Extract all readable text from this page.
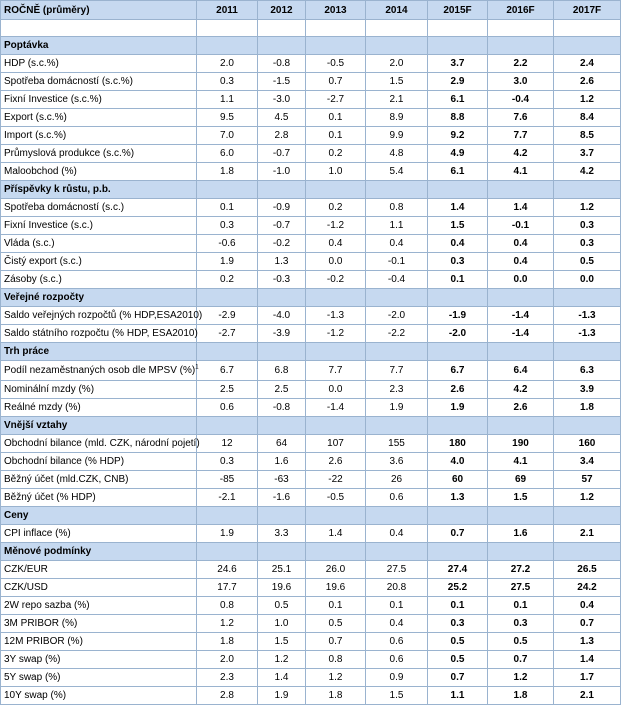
ROČNĚ (průměry)	2011	2012	2013	2014	2015F	2016F	2017F

Poptávka							
HDP (s.c.%)	2.0	-0.8	-0.5	2.0	3.7	2.2	2.4
Spotřeba domácností (s.c.%)	0.3	-1.5	0.7	1.5	2.9	3.0	2.6
Fixní Investice (s.c.%)	1.1	-3.0	-2.7	2.1	6.1	-0.4	1.2
Export (s.c.%)	9.5	4.5	0.1	8.9	8.8	7.6	8.4
Import (s.c.%)	7.0	2.8	0.1	9.9	9.2	7.7	8.5
Průmyslová produkce (s.c.%)	6.0	-0.7	0.2	4.8	4.9	4.2	3.7
Maloobchod (%)	1.8	-1.0	1.0	5.4	6.1	4.1	4.2
Příspěvky k růstu, p.b.							
Spotřeba domácností (s.c.)	0.1	-0.9	0.2	0.8	1.4	1.4	1.2
Fixní Investice (s.c.)	0.3	-0.7	-1.2	1.1	1.5	-0.1	0.3
Vláda (s.c.)	-0.6	-0.2	0.4	0.4	0.4	0.4	0.3
Čistý export (s.c.)	1.9	1.3	0.0	-0.1	0.3	0.4	0.5
Zásoby (s.c.)	0.2	-0.3	-0.2	-0.4	0.1	0.0	0.0
Veřejné rozpočty							
Saldo veřejných rozpočtů (% HDP,ESA2010)	-2.9	-4.0	-1.3	-2.0	-1.9	-1.4	-1.3
Saldo státního rozpočtu (% HDP, ESA2010)	-2.7	-3.9	-1.2	-2.2	-2.0	-1.4	-1.3
Trh práce							
Podíl nezaměstnaných osob dle MPSV (%)$^1$	6.7	6.8	7.7	7.7	6.7	6.4	6.3
Nominální mzdy (%)	2.5	2.5	0.0	2.3	2.6	4.2	3.9
Reálné mzdy (%)	0.6	-0.8	-1.4	1.9	1.9	2.6	1.8
Vnější vztahy							
Obchodní bilance (mld. CZK, národní pojetí)	12	64	107	155	180	190	160
Obchodní bilance (% HDP)	0.3	1.6	2.6	3.6	4.0	4.1	3.4
Běžný účet (mld.CZK, CNB)	-85	-63	-22	26	60	69	57
Běžný účet (% HDP)	-2.1	-1.6	-0.5	0.6	1.3	1.5	1.2
Ceny							
CPI inflace (%)	1.9	3.3	1.4	0.4	0.7	1.6	2.1
Měnové podmínky							
CZK/EUR	24.6	25.1	26.0	27.5	27.4	27.2	26.5
CZK/USD	17.7	19.6	19.6	20.8	25.2	27.5	24.2
2W repo sazba (%)	0.8	0.5	0.1	0.1	0.1	0.1	0.4
3M PRIBOR (%)	1.2	1.0	0.5	0.4	0.3	0.3	0.7
12M PRIBOR (%)	1.8	1.5	0.7	0.6	0.5	0.5	1.3
3Y swap (%)	2.0	1.2	0.8	0.6	0.5	0.7	1.4
5Y swap (%)	2.3	1.4	1.2	0.9	0.7	1.2	1.7
10Y swap (%)	2.8	1.9	1.8	1.5	1.1	1.8	2.1
